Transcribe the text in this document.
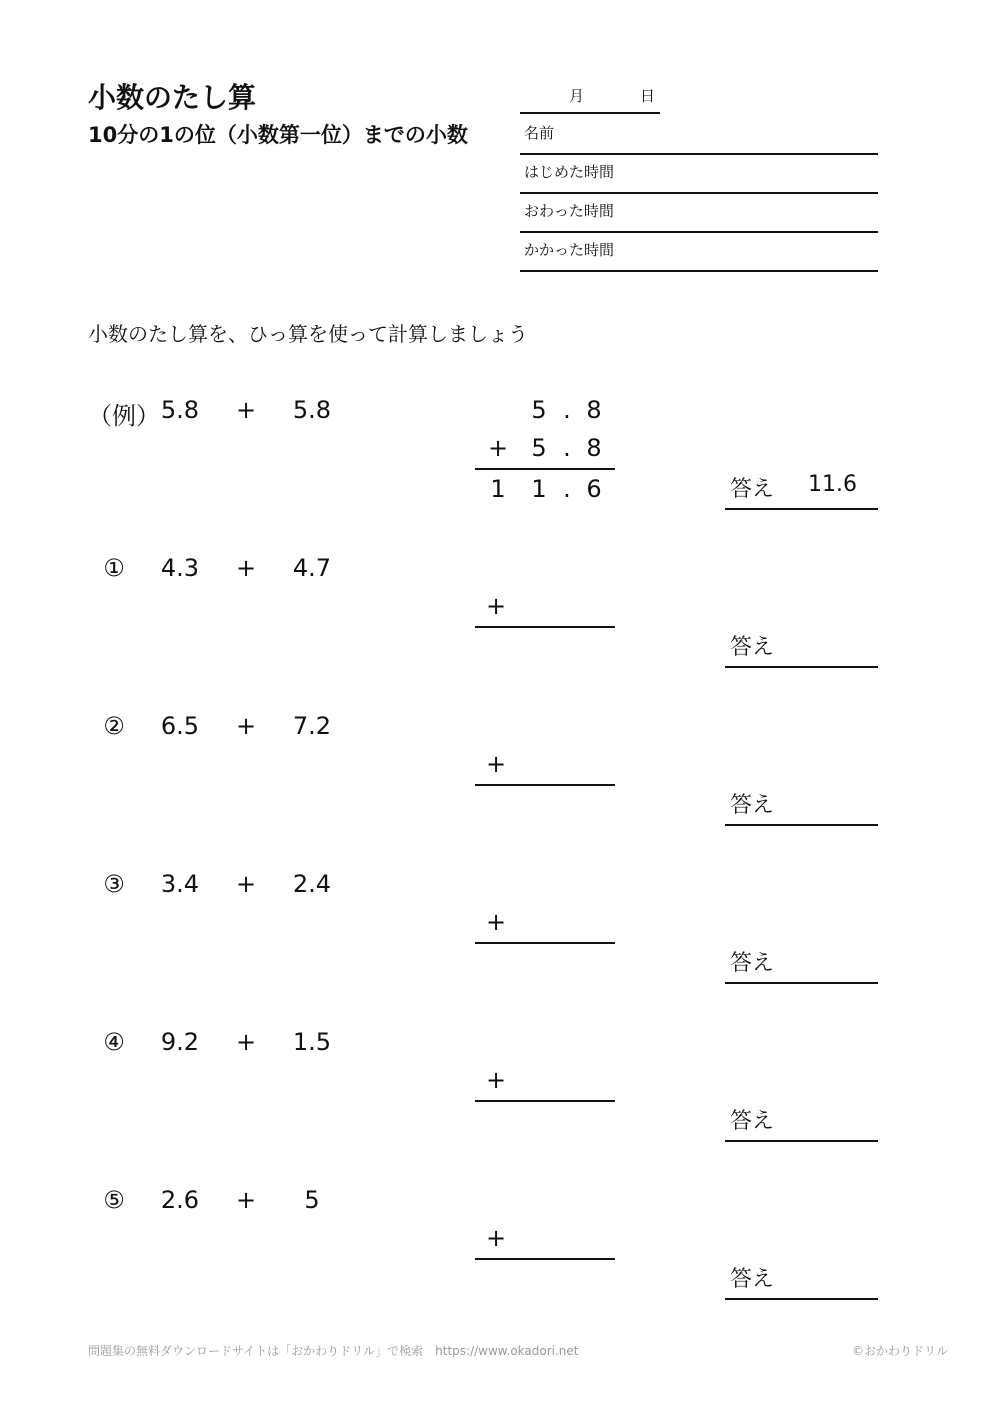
小数のたし算
10分の1の位（小数第一位）までの小数
月	日
名前
はじめた時間
おわった時間
かかった時間
小数のたし算を、ひっ算を使って計算しましょう
（例） 5.8	+	5.8	5 . 8
+ 5 . 8
1 1 . 6	答え 11.6
①	4.3	+	4.7
+
答え
②	6.5	+	7.2
+
答え
③	3.4	+	2.4
+
答え
④	9.2	+	1.5
+
答え
⑤	2.6	+	5
+
答え
問題集の無料ダウンロードサイトは「おかわりドリル」で検索　https://www.okadori.net	©おかわりドリル
